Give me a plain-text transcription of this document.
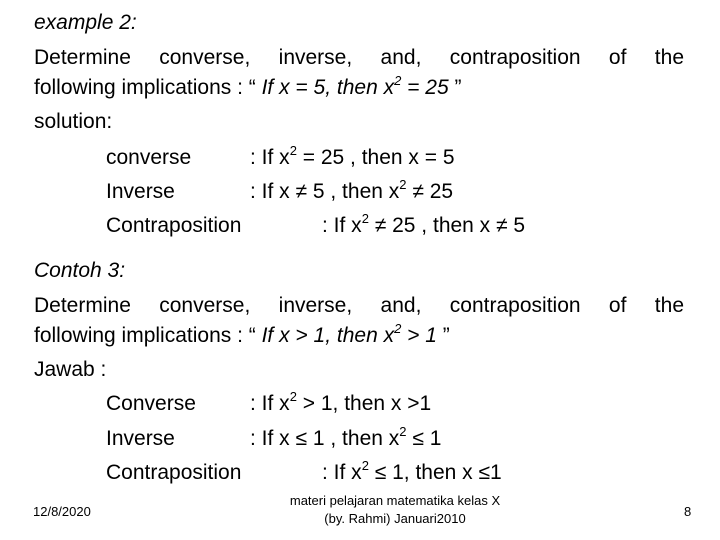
example 2:
Determine converse, inverse, and, contraposition of the
following implications : “ If x = 5, then $x^2 = 25$ ”
solution:
converse	: If $x^2 = 25$ , then x = 5
Inverse	: If x ≠ 5 , then $x^2 \ne 25$
Contraposition	: If $x^2 \ne 25$ , then x ≠ 5
Contoh 3:
Determine converse, inverse, and, contraposition of the
following implications : “ If x > 1, then $x^2 > 1$ ”
Jawab :
Converse	: If $x^2 > 1$, then x >1
Inverse	: If x ≤ 1 , then $x^2 \le 1$
Contraposition	: If $x^2 \le 1$, then x ≤1
12/8/2020
materi pelajaran matematika kelas X
(by. Rahmi) Januari2010	8
